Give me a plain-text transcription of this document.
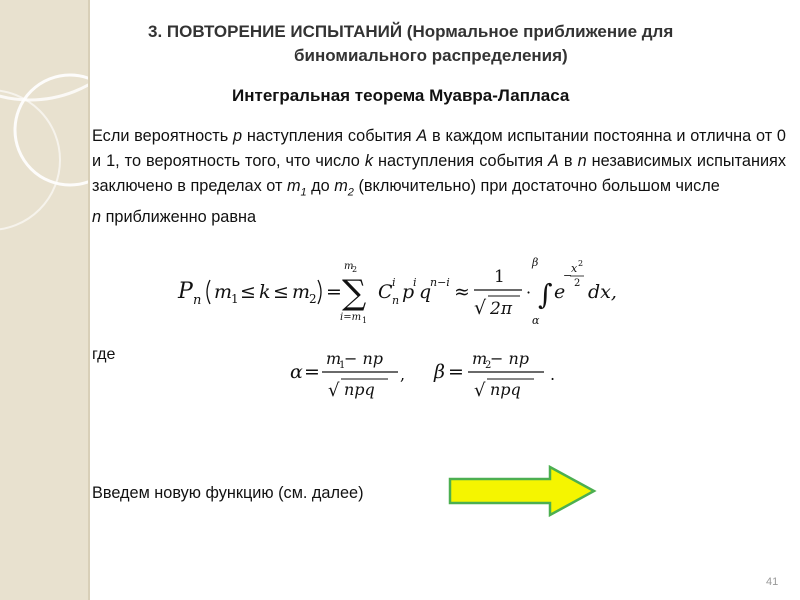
3. ПОВТОРЕНИЕ ИСПЫТАНИЙ (Нормальное приближение для

биномиального распределения)
Интегральная теорема Муавра-Лапласа
Если вероятность p наступления события A в каждом испытании постоянна и отлична от 0 и 1, то вероятность того, что число k наступления события A в n независимых испытаниях заключено в пределах от $m_1$ до $m_2$ (включительно) при достаточно большом числе
n приближенно равна
P n m
1 ≤ k ≤ m
2 =
m
2
∑
i=m 1
C i
n p
i q
n−i ≈
1
√ 2π
·
β
∫
α
e
−
x 2
2 dx,
где
α =
m
1
− np
√ npq
, β =
m
2
− np
√ npq
.
Введем новую функцию (см. далее)
41
